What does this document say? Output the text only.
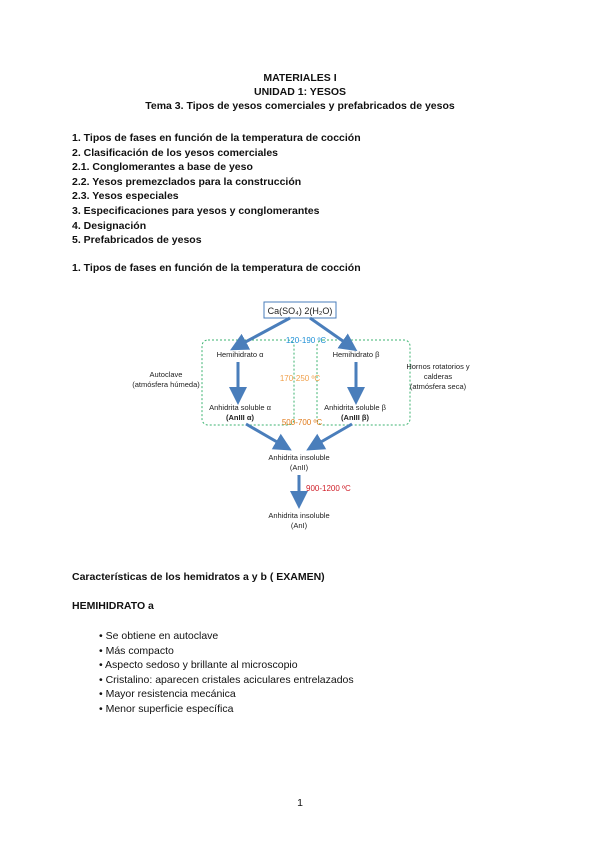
MATERIALES I
UNIDAD 1: YESOS
Tema 3. Tipos de yesos comerciales y prefabricados de yesos
1. Tipos de fases en función de la temperatura de cocción
2. Clasificación de los yesos comerciales
2.1. Conglomerantes a base de yeso
2.2. Yesos premezclados para la construcción
2.3. Yesos especiales
3. Especificaciones para yesos y conglomerantes
4. Designación
5. Prefabricados de yesos
1. Tipos de fases en función de la temperatura de cocción
Ca(SO₄) 2(H₂O)
Hemihidrato α	Hemihidrato β
120-190 ºC
170-250 ºC
500-700 ºC
Anhidrita soluble α
(AnIII α)
Anhidrita soluble β
(AnIII β)
Autoclave
(atmósfera húmeda)
Hornos rotatorios y
calderas
(atmósfera seca)
Anhidrita insoluble
(AnII)
900-1200 ºC
Anhidrita insoluble
(AnI)
Características de los hemidratos a y b ( EXAMEN)
HEMIHIDRATO a
• Se obtiene en autoclave
• Más compacto
• Aspecto sedoso y brillante al microscopio
• Cristalino: aparecen cristales aciculares entrelazados
• Mayor resistencia mecánica
• Menor superficie específica
1
